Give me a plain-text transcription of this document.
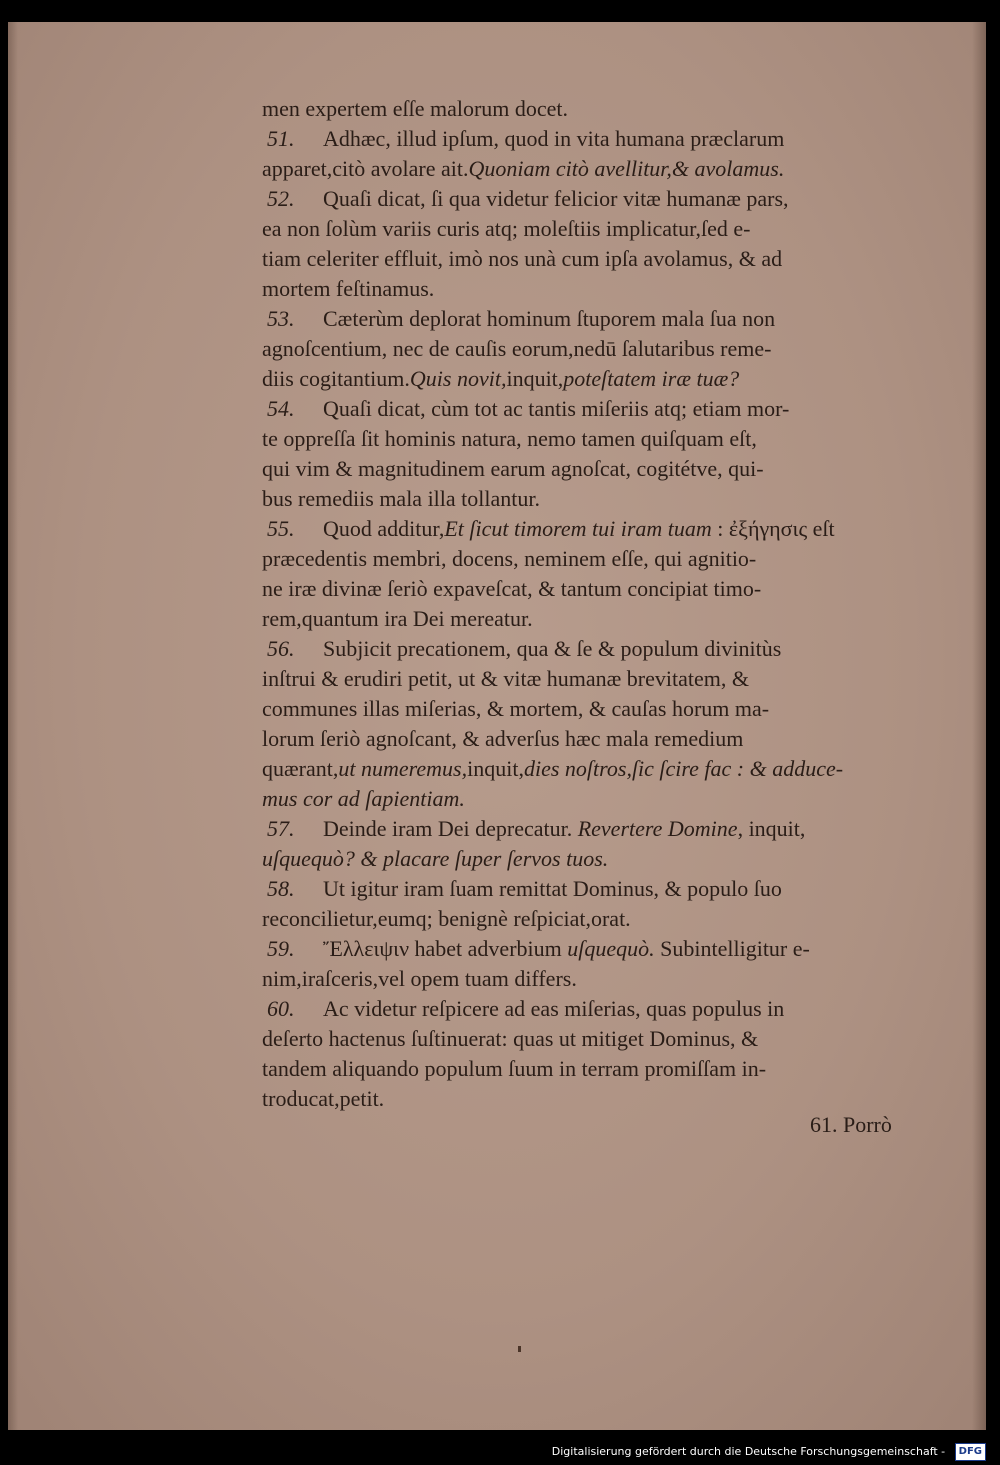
men expertem eſſe malorum docet.
51. Adhæc, illud ipſum, quod in vita humana præclarum
apparet,citò avolare ait.Quoniam citò avellitur,& avolamus.
52. Quaſi dicat, ſi qua videtur felicior vitæ humanæ pars,
ea non ſolùm variis curis atq; moleſtiis implicatur,ſed e-
tiam celeriter effluit, imò nos unà cum ipſa avolamus, & ad
mortem feſtinamus.
53. Cæterùm deplorat hominum ſtuporem mala ſua non
agnoſcentium, nec de cauſis eorum,nedū ſalutaribus reme-
diis cogitantium.Quis novit,inquit,poteſtatem iræ tuæ?
54. Quaſi dicat, cùm tot ac tantis miſeriis atq; etiam mor-
te oppreſſa ſit hominis natura, nemo tamen quiſquam eſt,
qui vim & magnitudinem earum agnoſcat, cogitétve, qui-
bus remediis mala illa tollantur.
55. Quod additur,Et ſicut timorem tui iram tuam : ἐξήγησις eſt
præcedentis membri, docens, neminem eſſe, qui agnitio-
ne iræ divinæ ſeriò expaveſcat, & tantum concipiat timo-
rem,quantum ira Dei mereatur.
56. Subjicit precationem, qua & ſe & populum divinitùs
inſtrui & erudiri petit, ut & vitæ humanæ brevitatem, &
communes illas miſerias, & mortem, & cauſas horum ma-
lorum ſeriò agnoſcant, & adverſus hæc mala remedium
quærant,ut numeremus,inquit,dies noſtros,ſic ſcire fac : & adduce-
mus cor ad ſapientiam.
57. Deinde iram Dei deprecatur. Revertere Domine, inquit,
uſquequò? & placare ſuper ſervos tuos.
58. Ut igitur iram ſuam remittat Dominus, & populo ſuo
reconcilietur,eumq; benignè reſpiciat,orat.
59. Ἔλλειψιν habet adverbium uſquequò. Subintelligitur e-
nim,iraſceris,vel opem tuam differs.
60. Ac videtur reſpicere ad eas miſerias, quas populus in
deſerto hactenus ſuſtinuerat: quas ut mitiget Dominus, &
tandem aliquando populum ſuum in terram promiſſam in-
troducat,petit.
61. Porrò
Digitalisierung gefördert durch die Deutsche Forschungsgemeinschaft - DFG
